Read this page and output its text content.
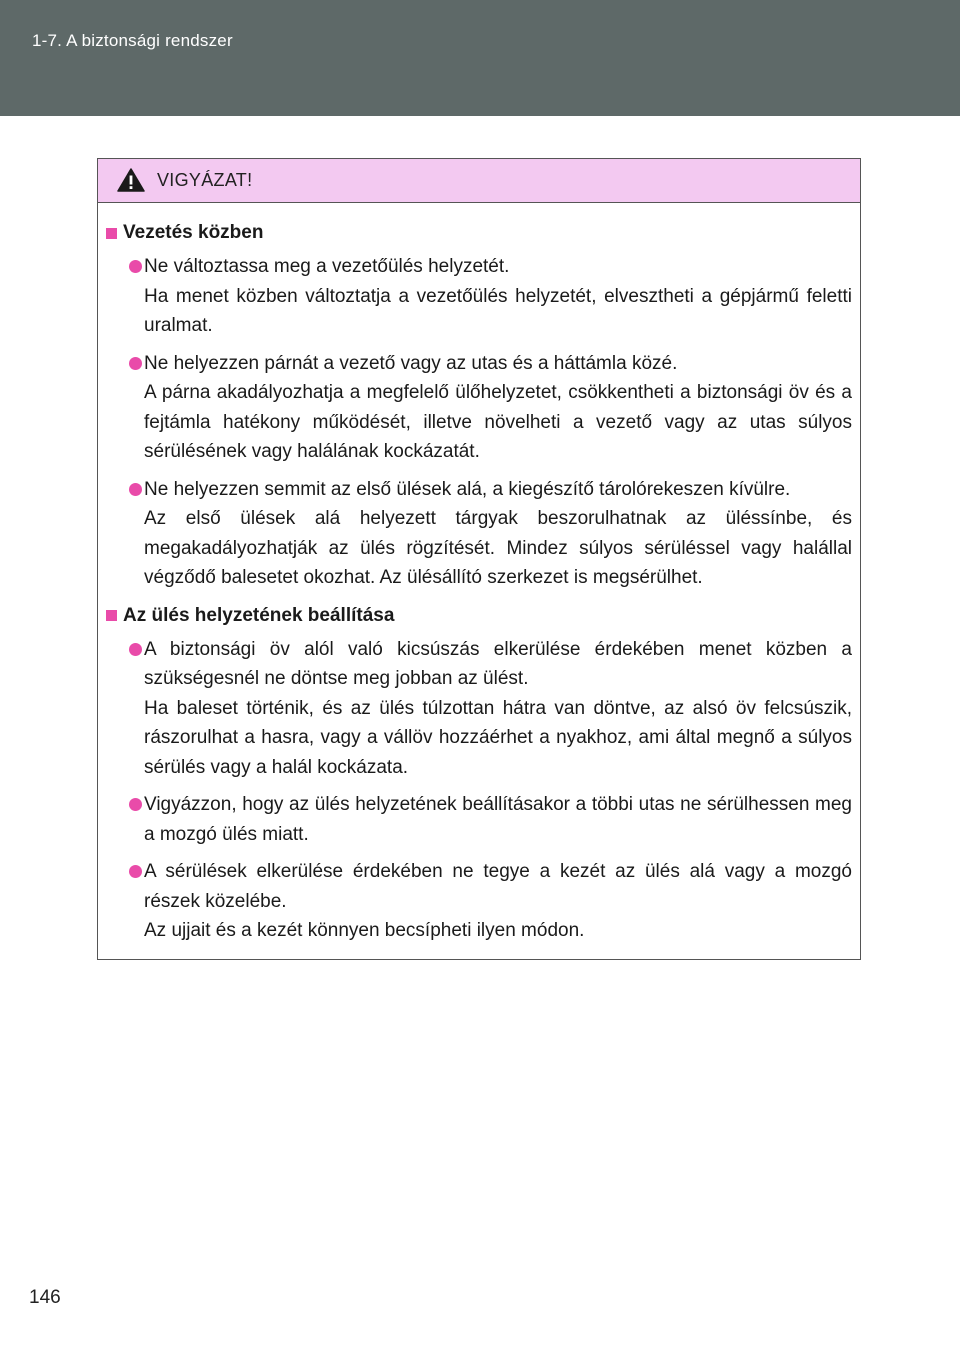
1-7. A biztonsági rendszer
VIGYÁZAT!
Vezetés közben

Ne változtassa meg a vezetőülés helyzetét.

Ha menet közben változtatja a vezetőülés helyzetét, elvesztheti a gépjármű feletti uralmat.

Ne helyezzen párnát a vezető vagy az utas és a háttámla közé.

A párna akadályozhatja a megfelelő ülőhelyzetet, csökkentheti a biztonsági öv és a fejtámla hatékony működését, illetve növelheti a vezető vagy az utas súlyos sérülésének vagy halálának kockázatát.

Ne helyezzen semmit az első ülések alá, a kiegészítő tárolórekeszen kívülre.

Az első ülések alá helyezett tárgyak beszorulhatnak az üléssínbe, és megakadályozhatják az ülés rögzítését. Mindez súlyos sérüléssel vagy halállal végződő balesetet okozhat. Az ülésállító szerkezet is megsérülhet.

Az ülés helyzetének beállítása

A biztonsági öv alól való kicsúszás elkerülése érdekében menet közben a szükségesnél ne döntse meg jobban az ülést.

Ha baleset történik, és az ülés túlzottan hátra van döntve, az alsó öv felcsúszik, rászorulhat a hasra, vagy a vállöv hozzáérhet a nyakhoz, ami által megnő a súlyos sérülés vagy a halál kockázata.

Vigyázzon, hogy az ülés helyzetének beállításakor a többi utas ne sérülhessen meg a mozgó ülés miatt.

A sérülések elkerülése érdekében ne tegye a kezét az ülés alá vagy a mozgó részek közelébe.

Az ujjait és a kezét könnyen becsípheti ilyen módon.

146
